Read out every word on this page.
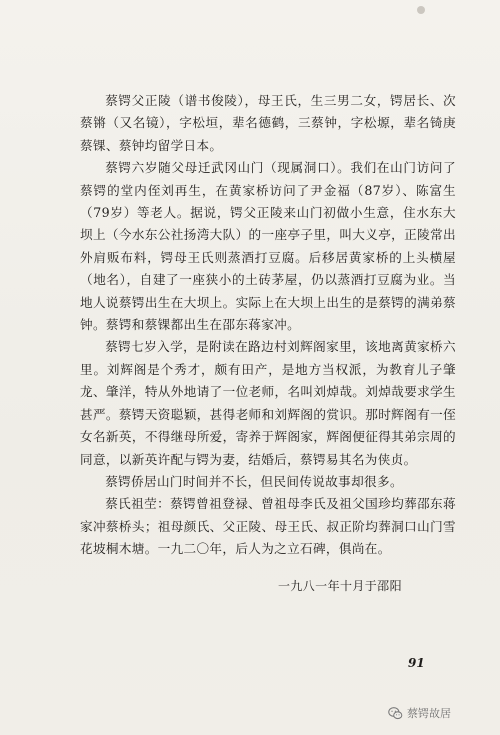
蔡锷父正陵（谱书俊陵），母王氏，生三男二女，锷居长、次蔡锵（又名镜），字松垣，辈名德鹤，三蔡钟，字松塬，辈名锜庚蔡锞、蔡钟均留学日本。

蔡锷六岁随父母迁武冈山门（现属洞口）。我们在山门访问了蔡锷的堂内侄刘再生，在黄家桥访问了尹金福（87岁）、陈富生（79岁）等老人。据说，锷父正陵来山门初做小生意，住水东大坝上（今水东公社扬湾大队）的一座亭子里，叫大义亭，正陵常出外肩贩布料，锷母王氏则蒸酒打豆腐。后移居黄家桥的上头横屋（地名），自建了一座狭小的土砖茅屋，仍以蒸酒打豆腐为业。当地人说蔡锷出生在大坝上。实际上在大坝上出生的是蔡锷的满弟蔡钟。蔡锷和蔡锞都出生在邵东蒋家冲。

蔡锷七岁入学，是附读在路边村刘辉阁家里，该地离黄家桥六里。刘辉阁是个秀才，颇有田产，是地方当权派，为教育儿子肇龙、肇洋，特从外地请了一位老师，名叫刘焯哉。刘焯哉要求学生甚严。蔡锷天资聪颖，甚得老师和刘辉阁的赏识。那时辉阁有一侄女名新英，不得继母所爱，寄养于辉阁家，辉阁便征得其弟宗周的同意，以新英许配与锷为妻，结婚后，蔡锷易其名为侠贞。

蔡锷侨居山门时间并不长，但民间传说故事却很多。

蔡氏祖茔：蔡锷曾祖登禄、曾祖母李氏及祖父国珍均葬邵东蒋家冲蔡桥头；祖母颜氏、父正陵、母王氏、叔正阶均葬洞口山门雪花坡桐木塘。一九二〇年，后人为之立石碑，俱尚在。

一九八一年十月于邵阳
91
蔡锷故居
